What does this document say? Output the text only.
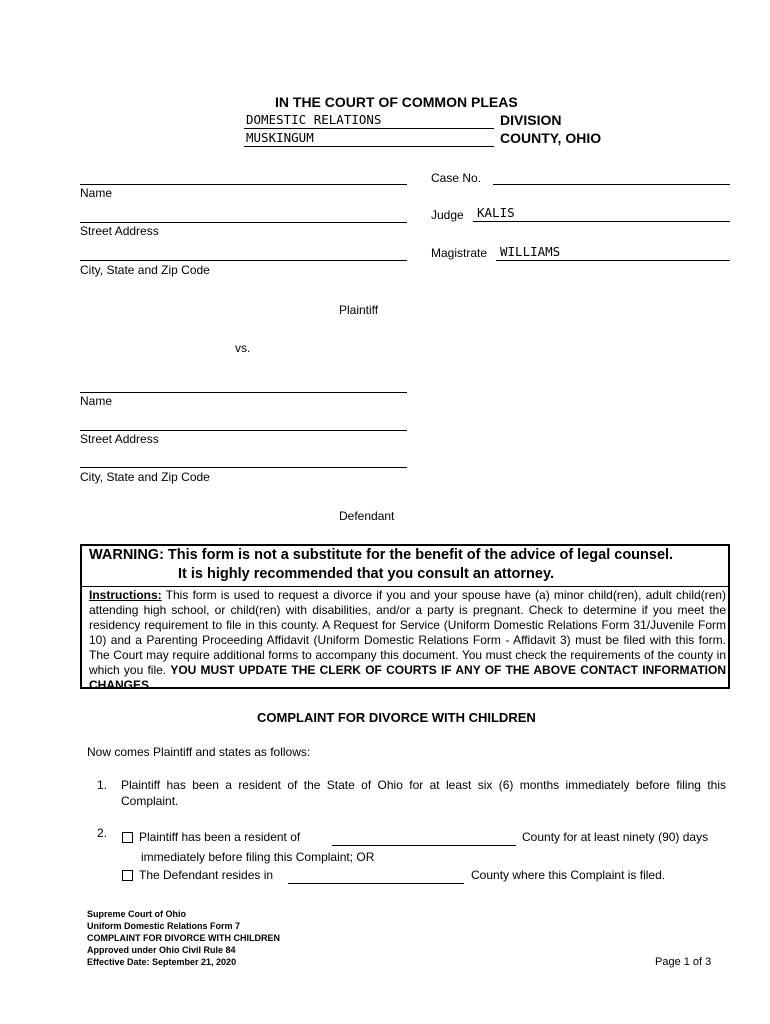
IN THE COURT OF COMMON PLEAS
DOMESTIC RELATIONS	DIVISION
MUSKINGUM	COUNTY, OHIO
Name
Street Address
City, State and Zip Code
Plaintiff
Case No.
Judge KALIS
Magistrate WILLIAMS
vs.
Name
Street Address
City, State and Zip Code
Defendant
WARNING: This form is not a substitute for the benefit of the advice of legal counsel.
It is highly recommended that you consult an attorney.
Instructions: This form is used to request a divorce if you and your spouse have (a) minor child(ren), adult child(ren) attending high school, or child(ren) with disabilities, and/or a party is pregnant. Check to determine if you meet the residency requirement to file in this county. A Request for Service (Uniform Domestic Relations Form 31/Juvenile Form 10) and a Parenting Proceeding Affidavit (Uniform Domestic Relations Form - Affidavit 3) must be filed with this form. The Court may require additional forms to accompany this document. You must check the requirements of the county in which you file. YOU MUST UPDATE THE CLERK OF COURTS IF ANY OF THE ABOVE CONTACT INFORMATION CHANGES.
COMPLAINT FOR DIVORCE WITH CHILDREN
Now comes Plaintiff and states as follows:
1. Plaintiff has been a resident of the State of Ohio for at least six (6) months immediately before filing this
Complaint.
2.	Plaintiff has been a resident of	County for at least ninety (90) days
immediately before filing this Complaint; OR
The Defendant resides in	County where this Complaint is filed.
Supreme Court of Ohio
Uniform Domestic Relations Form 7
COMPLAINT FOR DIVORCE WITH CHILDREN
Approved under Ohio Civil Rule 84
Effective Date: September 21, 2020	Page 1 of 3
